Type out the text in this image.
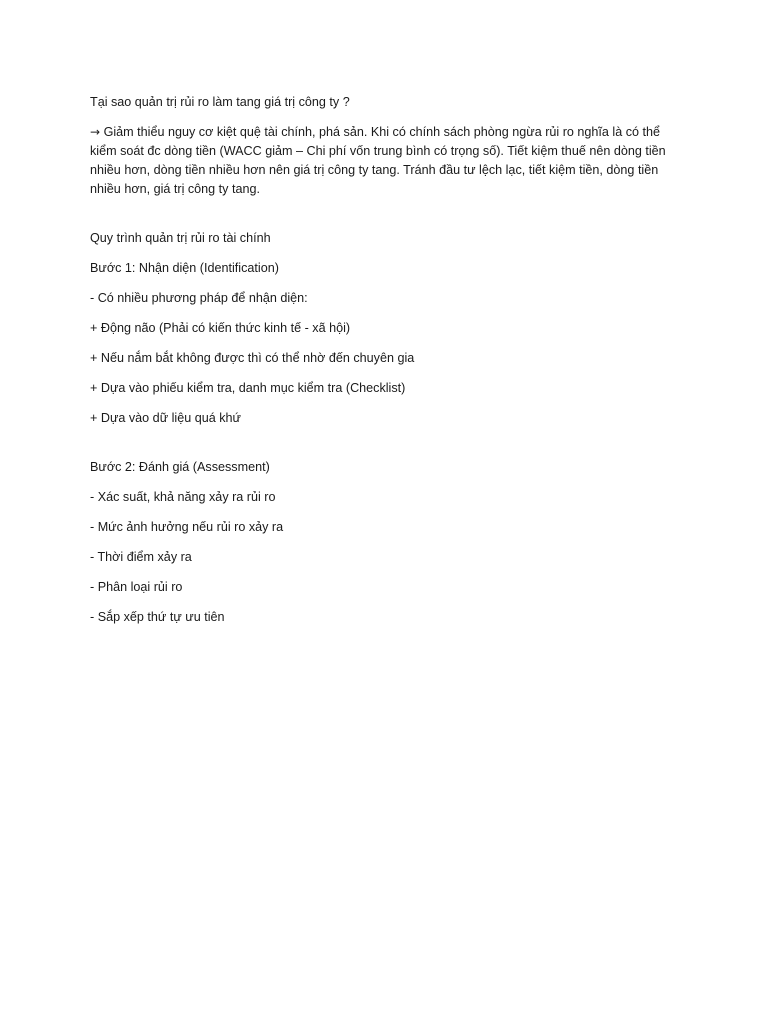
Tại sao quản trị rủi ro làm tang giá trị công ty ?

→ Giảm thiểu nguy cơ kiệt quệ tài chính, phá sản. Khi có chính sách phòng ngừa rủi ro nghĩa là có thể kiểm soát đc dòng tiền (WACC giảm – Chi phí vốn trung bình có trọng số). Tiết kiệm thuế nên dòng tiền nhiều hơn, dòng tiền nhiều hơn nên giá trị công ty tang. Tránh đầu tư lệch lạc, tiết kiệm tiền, dòng tiền nhiều hơn, giá trị công ty tang.

Quy trình quản trị rủi ro tài chính

Bước 1: Nhận diện (Identification)

- Có nhiều phương pháp để nhận diện:

+ Động não (Phải có kiến thức kinh tế - xã hội)

+ Nếu nắm bắt không được thì có thể nhờ đến chuyên gia

+ Dựa vào phiếu kiểm tra, danh mục kiểm tra (Checklist)

+ Dựa vào dữ liệu quá khứ

Bước 2: Đánh giá (Assessment)

- Xác suất, khả năng xảy ra rủi ro

- Mức ảnh hưởng nếu rủi ro xảy ra

- Thời điểm xảy ra

- Phân loại rủi ro

- Sắp xếp thứ tự ưu tiên
